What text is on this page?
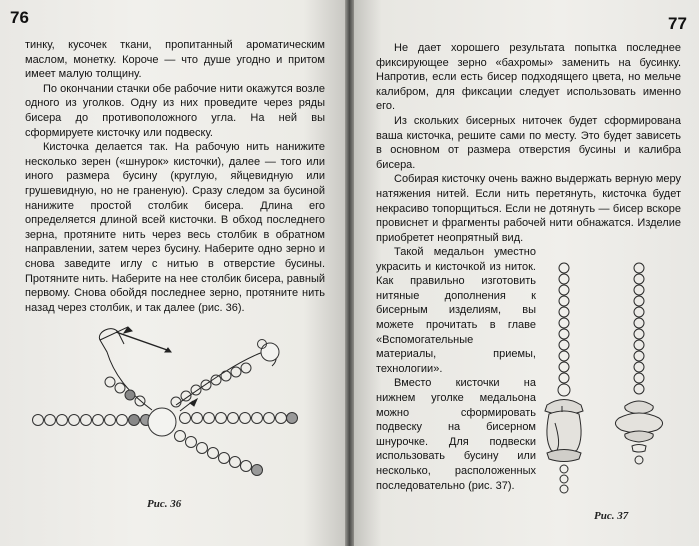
76

тинку, кусочек ткани, пропитанный ароматическим маслом, монетку. Короче — что душе угодно и притом имеет малую толщину.

По окончании стачки обе рабочие нити окажутся возле одного из уголков. Одну из них проведите через ряды бисера до противоположного угла. На ней вы сформируете кисточку или подвеску.

Кисточка делается так. На рабочую нить нанижите несколько зерен («шнурок» кисточки), далее — того или иного размера бусину (круглую, яйцевидную или грушевидную, но не граненую). Сразу следом за бусиной нанижите простой столбик бисера. Длина его определяется длиной всей кисточки. В обход последнего зерна, протяните нить через весь столбик в обратном направлении, затем через бусину. Наберите одно зерно и снова заведите иглу с нитью в отверстие бусины. Протяните нить. Наберите на нее столбик бисера, равный первому. Снова обойдя последнее зерно, протяните нить назад через столбик, и так далее (рис. 36).

Рис. 36
77

Не дает хорошего результата попытка последнее фиксирующее зерно «бахромы» заменить на бусинку. Напротив, если есть бисер подходящего цвета, но мельче калибром, для фиксации следует использовать именно его.

Из скольких бисерных ниточек будет сформирована ваша кисточка, решите сами по месту. Это будет зависеть в основном от размера отверстия бусины и калибра бисера.

Собирая кисточку очень важно выдержать верную меру натяжения нитей. Если нить перетянуть, кисточка будет некрасиво топорщиться. Если не дотянуть — бисер вскоре провиснет и фрагменты рабочей нити обнажатся. Изделие приобретет неопрятный вид.

Такой медальон уместно украсить и кисточкой из ниток. Как правильно изготовить нитяные дополнения к бисерным изделиям, вы можете прочитать в главе «Вспомогательные материалы, приемы, технологии».

Вместо кисточки на нижнем уголке медальона можно сформировать подвеску на бисерном шнурочке. Для подвески использовать бусину или несколько, расположенных последовательно (рис. 37).

Рис. 37
